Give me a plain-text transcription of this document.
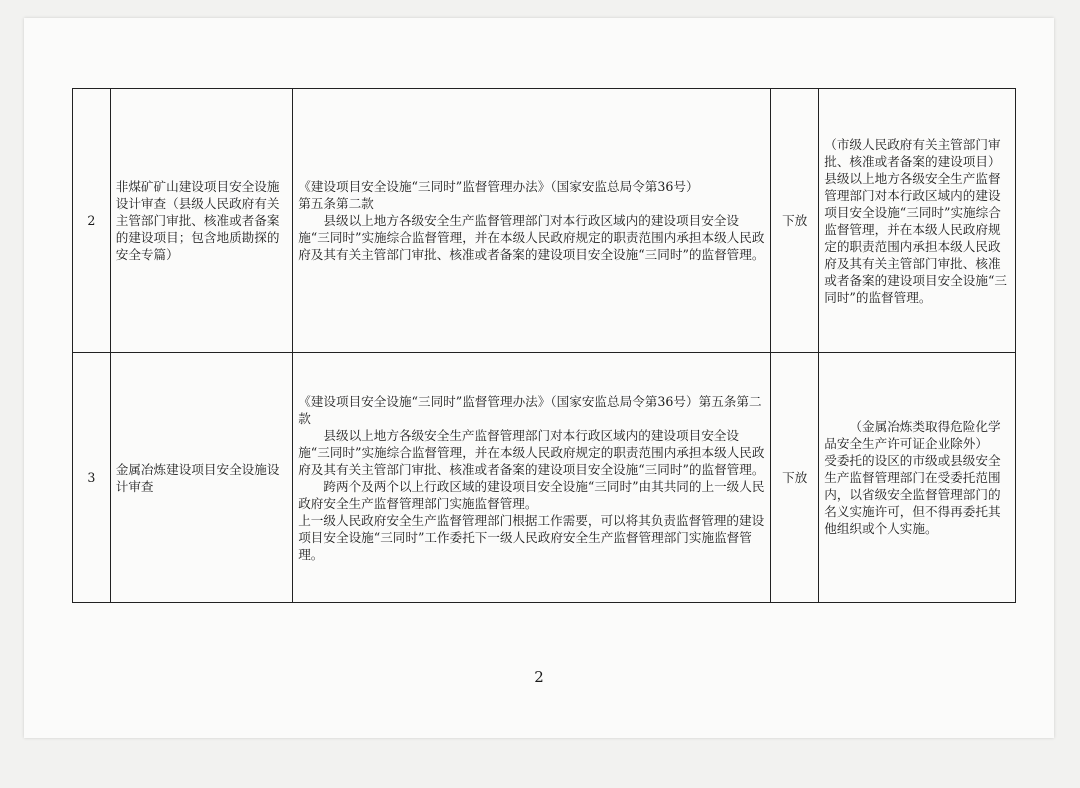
2	非煤矿矿山建设项目安全设施设计审查（县级人民政府有关主管部门审批、核准或者备案的建设项目；包含地质勘探的安全专篇）	《建设项目安全设施“三同时”监督管理办法》（国家安监总局令第36号）
第五条第二款
县级以上地方各级安全生产监督管理部门对本行政区域内的建设项目安全设施“三同时”实施综合监督管理，并在本级人民政府规定的职责范围内承担本级人民政府及其有关主管部门审批、核准或者备案的建设项目安全设施“三同时”的监督管理。	下放	（市级人民政府有关主管部门审批、核准或者备案的建设项目）
县级以上地方各级安全生产监督管理部门对本行政区域内的建设项目安全设施“三同时”实施综合监督管理，并在本级人民政府规定的职责范围内承担本级人民政府及其有关主管部门审批、核准或者备案的建设项目安全设施“三同时”的监督管理。

3	金属冶炼建设项目安全设施设计审查	《建设项目安全设施“三同时”监督管理办法》（国家安监总局令第36号）第五条第二款
县级以上地方各级安全生产监督管理部门对本行政区域内的建设项目安全设施“三同时”实施综合监督管理，并在本级人民政府规定的职责范围内承担本级人民政府及其有关主管部门审批、核准或者备案的建设项目安全设施“三同时”的监督管理。
跨两个及两个以上行政区域的建设项目安全设施“三同时”由其共同的上一级人民政府安全生产监督管理部门实施监督管理。
上一级人民政府安全生产监督管理部门根据工作需要，可以将其负责监督管理的建设项目安全设施“三同时”工作委托下一级人民政府安全生产监督管理部门实施监督管理。	下放	（金属冶炼类取得危险化学品安全生产许可证企业除外）
受委托的设区的市级或县级安全生产监督管理部门在受委托范围内，以省级安全监督管理部门的名义实施许可，但不得再委托其他组织或个人实施。
2
